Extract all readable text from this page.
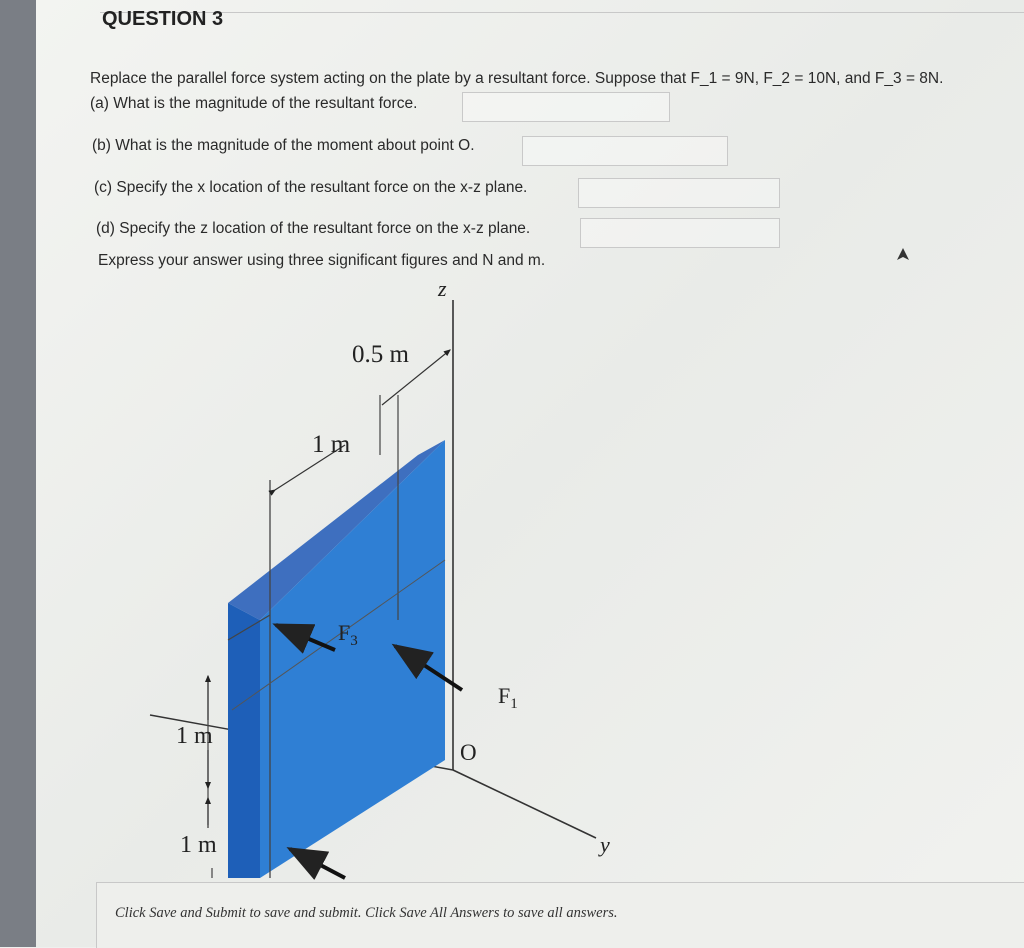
QUESTION 3
Replace the parallel force system acting on the plate by a resultant force. Suppose that F_1 = 9N, F_2 = 10N, and F_3 = 8N.
(a) What is the magnitude of the resultant force.
(b) What is the magnitude of the moment about point O.
(c) Specify the x location of the resultant force on the x-z plane.
(d) Specify the z location of the resultant force on the x-z plane.
Express your answer using three significant figures and N and m.
z
0.5 m
1 m
$F_3$
$F_1$
O
1 m
1 m	y
Click Save and Submit to save and submit. Click Save All Answers to save all answers.
